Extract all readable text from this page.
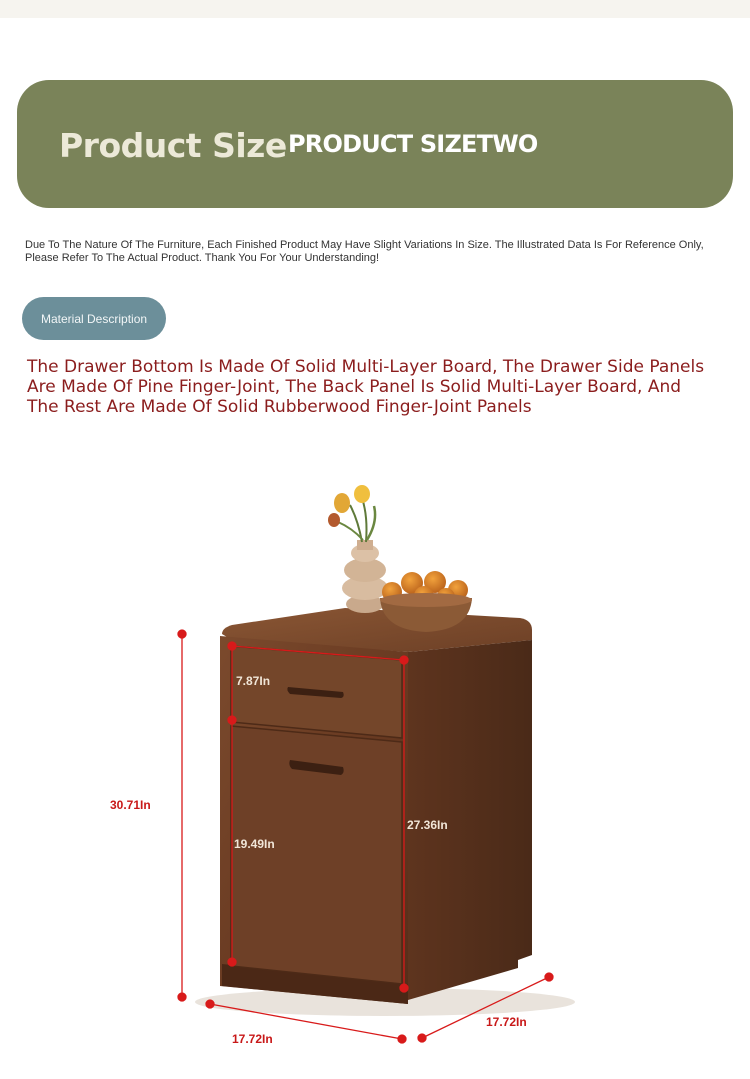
Product Size PRODUCT SIZETWO
Due To The Nature Of The Furniture, Each Finished Product May Have Slight Variations In Size. The Illustrated Data Is For Reference Only, Please Refer To The Actual Product. Thank You For Your Understanding!
Material Description
The Drawer Bottom Is Made Of Solid Multi-Layer Board, The Drawer Side Panels Are Made Of Pine Finger-Joint, The Back Panel Is Solid Multi-Layer Board, And The Rest Are Made Of Solid Rubberwood Finger-Joint Panels
30.71In
7.87In
19.49In
27.36In
17.72In
17.72In
